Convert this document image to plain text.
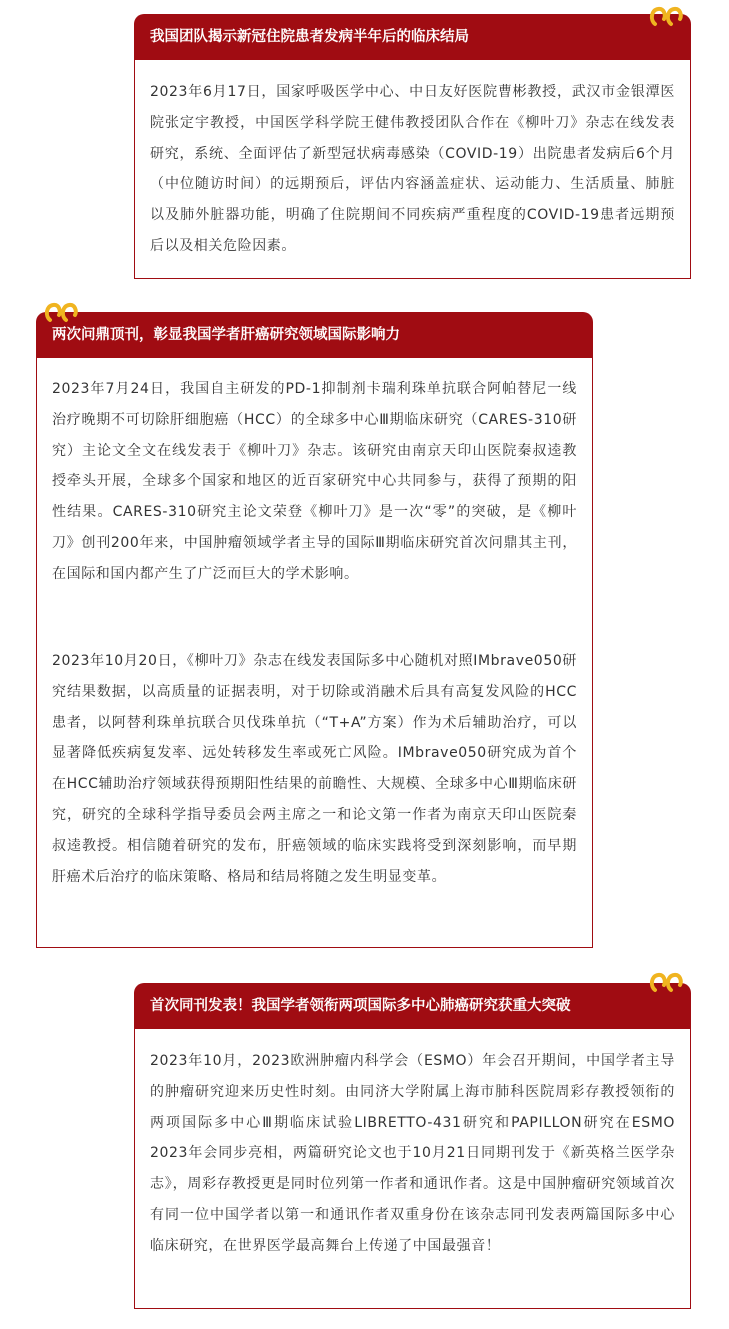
我国团队揭示新冠住院患者发病半年后的临床结局

2023年6月17日，国家呼吸医学中心、中日友好医院曹彬教授，武汉市金银潭医院张定宇教授，中国医学科学院王健伟教授团队合作在《柳叶刀》杂志在线发表研究，系统、全面评估了新型冠状病毒感染（COVID-19）出院患者发病后6个月（中位随访时间）的远期预后，评估内容涵盖症状、运动能力、生活质量、肺脏以及肺外脏器功能，明确了住院期间不同疾病严重程度的COVID-19患者远期预后以及相关危险因素。

两次问鼎顶刊，彰显我国学者肝癌研究领域国际影响力

2023年7月24日，我国自主研发的PD-1抑制剂卡瑞利珠单抗联合阿帕替尼一线治疗晚期不可切除肝细胞癌（HCC）的全球多中心Ⅲ期临床研究（CARES-310研究）主论文全文在线发表于《柳叶刀》杂志。该研究由南京天印山医院秦叔逵教授牵头开展，全球多个国家和地区的近百家研究中心共同参与，获得了预期的阳性结果。CARES-310研究主论文荣登《柳叶刀》是一次“零”的突破，是《柳叶刀》创刊200年来，中国肿瘤领域学者主导的国际Ⅲ期临床研究首次问鼎其主刊，在国际和国内都产生了广泛而巨大的学术影响。

2023年10月20日，《柳叶刀》杂志在线发表国际多中心随机对照IMbrave050研究结果数据，以高质量的证据表明，对于切除或消融术后具有高复发风险的HCC患者，以阿替利珠单抗联合贝伐珠单抗（“T+A”方案）作为术后辅助治疗，可以显著降低疾病复发率、远处转移发生率或死亡风险。IMbrave050研究成为首个在HCC辅助治疗领域获得预期阳性结果的前瞻性、大规模、全球多中心Ⅲ期临床研究，研究的全球科学指导委员会两主席之一和论文第一作者为南京天印山医院秦叔逵教授。相信随着研究的发布，肝癌领域的临床实践将受到深刻影响，而早期肝癌术后治疗的临床策略、格局和结局将随之发生明显变革。

首次同刊发表！我国学者领衔两项国际多中心肺癌研究获重大突破

2023年10月，2023欧洲肿瘤内科学会（ESMO）年会召开期间，中国学者主导的肿瘤研究迎来历史性时刻。由同济大学附属上海市肺科医院周彩存教授领衔的两项国际多中心Ⅲ期临床试验LIBRETTO-431研究和PAPILLON研究在ESMO 2023年会同步亮相，两篇研究论文也于10月21日同期刊发于《新英格兰医学杂志》，周彩存教授更是同时位列第一作者和通讯作者。这是中国肿瘤研究领域首次有同一位中国学者以第一和通讯作者双重身份在该杂志同刊发表两篇国际多中心临床研究，在世界医学最高舞台上传递了中国最强音！
